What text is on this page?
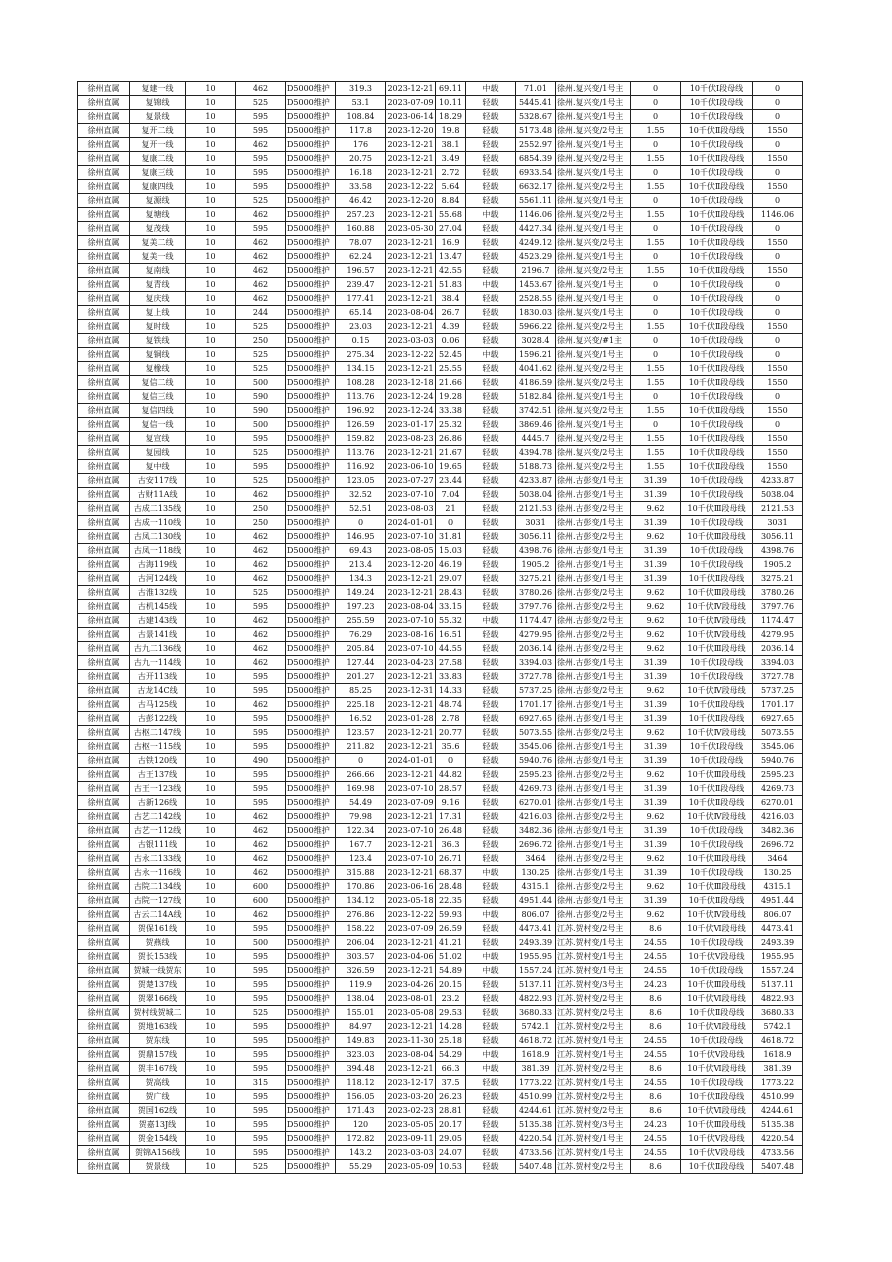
徐州直属	复建一线	10	462	D5000维护	319.3	2023-12-21	69.11	中载	71.01	徐州.复兴变/1号主	0	10千伏Ⅰ段母线	0
徐州直属	复锦线	10	525	D5000维护	53.1	2023-07-09	10.11	轻载	5445.41	徐州.复兴变/1号主	0	10千伏Ⅰ段母线	0
徐州直属	复景线	10	595	D5000维护	108.84	2023-06-14	18.29	轻载	5328.67	徐州.复兴变/1号主	0	10千伏Ⅰ段母线	0
徐州直属	复开二线	10	595	D5000维护	117.8	2023-12-20	19.8	轻载	5173.48	徐州.复兴变/2号主	1.55	10千伏Ⅱ段母线	1550
徐州直属	复开一线	10	462	D5000维护	176	2023-12-21	38.1	轻载	2552.97	徐州.复兴变/1号主	0	10千伏Ⅰ段母线	0
徐州直属	复康二线	10	595	D5000维护	20.75	2023-12-21	3.49	轻载	6854.39	徐州.复兴变/2号主	1.55	10千伏Ⅱ段母线	1550
徐州直属	复康三线	10	595	D5000维护	16.18	2023-12-21	2.72	轻载	6933.54	徐州.复兴变/1号主	0	10千伏Ⅰ段母线	0
徐州直属	复康四线	10	595	D5000维护	33.58	2023-12-22	5.64	轻载	6632.17	徐州.复兴变/2号主	1.55	10千伏Ⅱ段母线	1550
徐州直属	复源线	10	525	D5000维护	46.42	2023-12-20	8.84	轻载	5561.11	徐州.复兴变/1号主	0	10千伏Ⅰ段母线	0
徐州直属	复塘线	10	462	D5000维护	257.23	2023-12-21	55.68	中载	1146.06	徐州.复兴变/2号主	1.55	10千伏Ⅱ段母线	1146.06
徐州直属	复茂线	10	595	D5000维护	160.88	2023-05-30	27.04	轻载	4427.34	徐州.复兴变/1号主	0	10千伏Ⅰ段母线	0
徐州直属	复美二线	10	462	D5000维护	78.07	2023-12-21	16.9	轻载	4249.12	徐州.复兴变/2号主	1.55	10千伏Ⅱ段母线	1550
徐州直属	复美一线	10	462	D5000维护	62.24	2023-12-21	13.47	轻载	4523.29	徐州.复兴变/1号主	0	10千伏Ⅰ段母线	0
徐州直属	复南线	10	462	D5000维护	196.57	2023-12-21	42.55	轻载	2196.7	徐州.复兴变/2号主	1.55	10千伏Ⅱ段母线	1550
徐州直属	复青线	10	462	D5000维护	239.47	2023-12-21	51.83	中载	1453.67	徐州.复兴变/1号主	0	10千伏Ⅰ段母线	0
徐州直属	复庆线	10	462	D5000维护	177.41	2023-12-21	38.4	轻载	2528.55	徐州.复兴变/1号主	0	10千伏Ⅰ段母线	0
徐州直属	复上线	10	244	D5000维护	65.14	2023-08-04	26.7	轻载	1830.03	徐州.复兴变/1号主	0	10千伏Ⅰ段母线	0
徐州直属	复时线	10	525	D5000维护	23.03	2023-12-21	4.39	轻载	5966.22	徐州.复兴变/2号主	1.55	10千伏Ⅱ段母线	1550
徐州直属	复铁线	10	250	D5000维护	0.15	2023-03-03	0.06	轻载	3028.4	徐州.复兴变/#1主	0	10千伏Ⅰ段母线	0
徐州直属	复铜线	10	525	D5000维护	275.34	2023-12-22	52.45	中载	1596.21	徐州.复兴变/1号主	0	10千伏Ⅰ段母线	0
徐州直属	复橡线	10	525	D5000维护	134.15	2023-12-21	25.55	轻载	4041.62	徐州.复兴变/2号主	1.55	10千伏Ⅱ段母线	1550
徐州直属	复信二线	10	500	D5000维护	108.28	2023-12-18	21.66	轻载	4186.59	徐州.复兴变/2号主	1.55	10千伏Ⅱ段母线	1550
徐州直属	复信三线	10	590	D5000维护	113.76	2023-12-24	19.28	轻载	5182.84	徐州.复兴变/1号主	0	10千伏Ⅰ段母线	0
徐州直属	复信四线	10	590	D5000维护	196.92	2023-12-24	33.38	轻载	3742.51	徐州.复兴变/2号主	1.55	10千伏Ⅱ段母线	1550
徐州直属	复信一线	10	500	D5000维护	126.59	2023-01-17	25.32	轻载	3869.46	徐州.复兴变/1号主	0	10千伏Ⅰ段母线	0
徐州直属	复宣线	10	595	D5000维护	159.82	2023-08-23	26.86	轻载	4445.7	徐州.复兴变/2号主	1.55	10千伏Ⅱ段母线	1550
徐州直属	复园线	10	525	D5000维护	113.76	2023-12-21	21.67	轻载	4394.78	徐州.复兴变/2号主	1.55	10千伏Ⅱ段母线	1550
徐州直属	复中线	10	595	D5000维护	116.92	2023-06-10	19.65	轻载	5188.73	徐州.复兴变/2号主	1.55	10千伏Ⅱ段母线	1550
徐州直属	古安117线	10	525	D5000维护	123.05	2023-07-27	23.44	轻载	4233.87	徐州.古彭变/1号主	31.39	10千伏Ⅰ段母线	4233.87
徐州直属	古财11A线	10	462	D5000维护	32.52	2023-07-10	7.04	轻载	5038.04	徐州.古彭变/1号主	31.39	10千伏Ⅰ段母线	5038.04
徐州直属	古成二135线	10	250	D5000维护	52.51	2023-08-03	21	轻载	2121.53	徐州.古彭变/2号主	9.62	10千伏Ⅲ段母线	2121.53
徐州直属	古成一110线	10	250	D5000维护	0	2024-01-01	0	轻载	3031	徐州.古彭变/1号主	31.39	10千伏Ⅰ段母线	3031
徐州直属	古凤二130线	10	462	D5000维护	146.95	2023-07-10	31.81	轻载	3056.11	徐州.古彭变/2号主	9.62	10千伏Ⅲ段母线	3056.11
徐州直属	古凤一118线	10	462	D5000维护	69.43	2023-08-05	15.03	轻载	4398.76	徐州.古彭变/1号主	31.39	10千伏Ⅰ段母线	4398.76
徐州直属	古海119线	10	462	D5000维护	213.4	2023-12-20	46.19	轻载	1905.2	徐州.古彭变/1号主	31.39	10千伏Ⅰ段母线	1905.2
徐州直属	古河124线	10	462	D5000维护	134.3	2023-12-21	29.07	轻载	3275.21	徐州.古彭变/1号主	31.39	10千伏Ⅱ段母线	3275.21
徐州直属	古淮132线	10	525	D5000维护	149.24	2023-12-21	28.43	轻载	3780.26	徐州.古彭变/2号主	9.62	10千伏Ⅲ段母线	3780.26
徐州直属	古机145线	10	595	D5000维护	197.23	2023-08-04	33.15	轻载	3797.76	徐州.古彭变/2号主	9.62	10千伏Ⅳ段母线	3797.76
徐州直属	古建143线	10	462	D5000维护	255.59	2023-07-10	55.32	中载	1174.47	徐州.古彭变/2号主	9.62	10千伏Ⅳ段母线	1174.47
徐州直属	古景141线	10	462	D5000维护	76.29	2023-08-16	16.51	轻载	4279.95	徐州.古彭变/2号主	9.62	10千伏Ⅳ段母线	4279.95
徐州直属	古九二136线	10	462	D5000维护	205.84	2023-07-10	44.55	轻载	2036.14	徐州.古彭变/2号主	9.62	10千伏Ⅲ段母线	2036.14
徐州直属	古九一114线	10	462	D5000维护	127.44	2023-04-23	27.58	轻载	3394.03	徐州.古彭变/1号主	31.39	10千伏Ⅰ段母线	3394.03
徐州直属	古开113线	10	595	D5000维护	201.27	2023-12-21	33.83	轻载	3727.78	徐州.古彭变/1号主	31.39	10千伏Ⅰ段母线	3727.78
徐州直属	古龙14C线	10	595	D5000维护	85.25	2023-12-31	14.33	轻载	5737.25	徐州.古彭变/2号主	9.62	10千伏Ⅳ段母线	5737.25
徐州直属	古马125线	10	462	D5000维护	225.18	2023-12-21	48.74	轻载	1701.17	徐州.古彭变/1号主	31.39	10千伏Ⅱ段母线	1701.17
徐州直属	古彭122线	10	595	D5000维护	16.52	2023-01-28	2.78	轻载	6927.65	徐州.古彭变/1号主	31.39	10千伏Ⅱ段母线	6927.65
徐州直属	古枢二147线	10	595	D5000维护	123.57	2023-12-21	20.77	轻载	5073.55	徐州.古彭变/2号主	9.62	10千伏Ⅳ段母线	5073.55
徐州直属	古枢一115线	10	595	D5000维护	211.82	2023-12-21	35.6	轻载	3545.06	徐州.古彭变/1号主	31.39	10千伏Ⅰ段母线	3545.06
徐州直属	古铁120线	10	490	D5000维护	0	2024-01-01	0	轻载	5940.76	徐州.古彭变/1号主	31.39	10千伏Ⅰ段母线	5940.76
徐州直属	古王137线	10	595	D5000维护	266.66	2023-12-21	44.82	轻载	2595.23	徐州.古彭变/2号主	9.62	10千伏Ⅲ段母线	2595.23
徐州直属	古王一123线	10	595	D5000维护	169.98	2023-07-10	28.57	轻载	4269.73	徐州.古彭变/1号主	31.39	10千伏Ⅱ段母线	4269.73
徐州直属	古新126线	10	595	D5000维护	54.49	2023-07-09	9.16	轻载	6270.01	徐州.古彭变/1号主	31.39	10千伏Ⅱ段母线	6270.01
徐州直属	古艺二142线	10	462	D5000维护	79.98	2023-12-21	17.31	轻载	4216.03	徐州.古彭变/2号主	9.62	10千伏Ⅳ段母线	4216.03
徐州直属	古艺一112线	10	462	D5000维护	122.34	2023-07-10	26.48	轻载	3482.36	徐州.古彭变/1号主	31.39	10千伏Ⅰ段母线	3482.36
徐州直属	古银111线	10	462	D5000维护	167.7	2023-12-21	36.3	轻载	2696.72	徐州.古彭变/1号主	31.39	10千伏Ⅰ段母线	2696.72
徐州直属	古永二133线	10	462	D5000维护	123.4	2023-07-10	26.71	轻载	3464	徐州.古彭变/2号主	9.62	10千伏Ⅲ段母线	3464
徐州直属	古永一116线	10	462	D5000维护	315.88	2023-12-21	68.37	中载	130.25	徐州.古彭变/1号主	31.39	10千伏Ⅰ段母线	130.25
徐州直属	古院二134线	10	600	D5000维护	170.86	2023-06-16	28.48	轻载	4315.1	徐州.古彭变/2号主	9.62	10千伏Ⅲ段母线	4315.1
徐州直属	古院一127线	10	600	D5000维护	134.12	2023-05-18	22.35	轻载	4951.44	徐州.古彭变/1号主	31.39	10千伏Ⅱ段母线	4951.44
徐州直属	古云二14A线	10	462	D5000维护	276.86	2023-12-22	59.93	中载	806.07	徐州.古彭变/2号主	9.62	10千伏Ⅳ段母线	806.07
徐州直属	贺保161线	10	595	D5000维护	158.22	2023-07-09	26.59	轻载	4473.41	江苏.贺村变/2号主	8.6	10千伏Ⅵ段母线	4473.41
徐州直属	贺燕线	10	500	D5000维护	206.04	2023-12-21	41.21	轻载	2493.39	江苏.贺村变/1号主	24.55	10千伏Ⅰ段母线	2493.39
徐州直属	贺长153线	10	595	D5000维护	303.57	2023-04-06	51.02	中载	1955.95	江苏.贺村变/1号主	24.55	10千伏Ⅴ段母线	1955.95
徐州直属	贺城一线贺东	10	595	D5000维护	326.59	2023-12-21	54.89	中载	1557.24	江苏.贺村变/1号主	24.55	10千伏Ⅰ段母线	1557.24
徐州直属	贺楚137线	10	595	D5000维护	119.9	2023-04-26	20.15	轻载	5137.11	江苏.贺村变/3号主	24.23	10千伏Ⅲ段母线	5137.11
徐州直属	贺翠166线	10	595	D5000维护	138.04	2023-08-01	23.2	轻载	4822.93	江苏.贺村变/2号主	8.6	10千伏Ⅵ段母线	4822.93
徐州直属	贺村线贺城二	10	525	D5000维护	155.01	2023-05-08	29.53	轻载	3680.33	江苏.贺村变/2号主	8.6	10千伏Ⅱ段母线	3680.33
徐州直属	贺地163线	10	595	D5000维护	84.97	2023-12-21	14.28	轻载	5742.1	江苏.贺村变/2号主	8.6	10千伏Ⅵ段母线	5742.1
徐州直属	贺东线	10	595	D5000维护	149.83	2023-11-30	25.18	轻载	4618.72	江苏.贺村变/1号主	24.55	10千伏Ⅰ段母线	4618.72
徐州直属	贺鼎157线	10	595	D5000维护	323.03	2023-08-04	54.29	中载	1618.9	江苏.贺村变/1号主	24.55	10千伏Ⅴ段母线	1618.9
徐州直属	贺丰167线	10	595	D5000维护	394.48	2023-12-21	66.3	中载	381.39	江苏.贺村变/2号主	8.6	10千伏Ⅵ段母线	381.39
徐州直属	贺高线	10	315	D5000维护	118.12	2023-12-17	37.5	轻载	1773.22	江苏.贺村变/1号主	24.55	10千伏Ⅰ段母线	1773.22
徐州直属	贺广线	10	595	D5000维护	156.05	2023-03-20	26.23	轻载	4510.99	江苏.贺村变/2号主	8.6	10千伏Ⅱ段母线	4510.99
徐州直属	贺国162线	10	595	D5000维护	171.43	2023-02-23	28.81	轻载	4244.61	江苏.贺村变/2号主	8.6	10千伏Ⅵ段母线	4244.61
徐州直属	贺嘉13J线	10	595	D5000维护	120	2023-05-05	20.17	轻载	5135.38	江苏.贺村变/3号主	24.23	10千伏Ⅲ段母线	5135.38
徐州直属	贺金154线	10	595	D5000维护	172.82	2023-09-11	29.05	轻载	4220.54	江苏.贺村变/1号主	24.55	10千伏Ⅴ段母线	4220.54
徐州直属	贺锦A156线	10	595	D5000维护	143.2	2023-03-03	24.07	轻载	4733.56	江苏.贺村变/1号主	24.55	10千伏Ⅴ段母线	4733.56
徐州直属	贺景线	10	525	D5000维护	55.29	2023-05-09	10.53	轻载	5407.48	江苏.贺村变/2号主	8.6	10千伏Ⅱ段母线	5407.48
